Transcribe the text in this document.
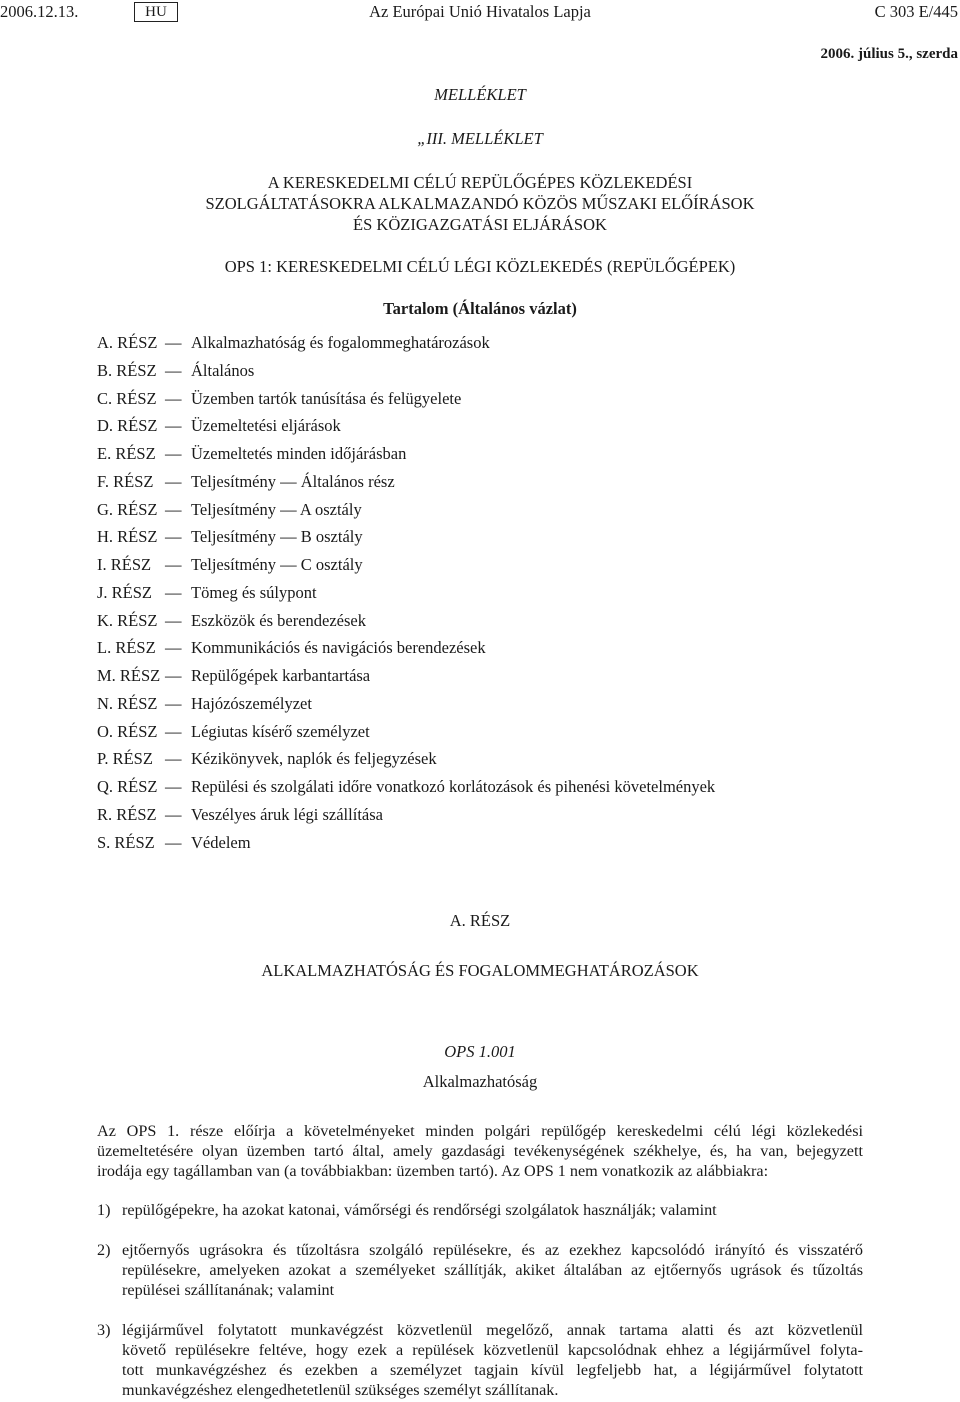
2006.12.13.	HU	Az Európai Unió Hivatalos Lapja	C 303 E/445
2006. július 5., szerda
MELLÉKLET
„III. MELLÉKLET
A KERESKEDELMI CÉLÚ REPÜLŐGÉPES KÖZLEKEDÉSI
SZOLGÁLTATÁSOKRA ALKALMAZANDÓ KÖZÖS MŰSZAKI ELŐÍRÁSOK
ÉS KÖZIGAZGATÁSI ELJÁRÁSOK
OPS 1: KERESKEDELMI CÉLÚ LÉGI KÖZLEKEDÉS (REPÜLŐGÉPEK)
Tartalom (Általános vázlat)
A. RÉSZ — Alkalmazhatóság és fogalommeghatározások
B. RÉSZ — Általános
C. RÉSZ — Üzemben tartók tanúsítása és felügyelete
D. RÉSZ — Üzemeltetési eljárások
E. RÉSZ — Üzemeltetés minden időjárásban
F. RÉSZ — Teljesítmény — Általános rész
G. RÉSZ — Teljesítmény — A osztály
H. RÉSZ — Teljesítmény — B osztály
I. RÉSZ — Teljesítmény — C osztály
J. RÉSZ — Tömeg és súlypont
K. RÉSZ — Eszközök és berendezések
L. RÉSZ — Kommunikációs és navigációs berendezések
M. RÉSZ — Repülőgépek karbantartása
N. RÉSZ — Hajózószemélyzet
O. RÉSZ — Légiutas kísérő személyzet
P. RÉSZ — Kézikönyvek, naplók és feljegyzések
Q. RÉSZ — Repülési és szolgálati időre vonatkozó korlátozások és pihenési követelmények
R. RÉSZ — Veszélyes áruk légi szállítása
S. RÉSZ — Védelem
A. RÉSZ
ALKALMAZHATÓSÁG ÉS FOGALOMMEGHATÁROZÁSOK
OPS 1.001
Alkalmazhatóság
Az OPS 1. része előírja a követelményeket minden polgári repülőgép kereskedelmi célú légi közlekedési
üzemeltetésére olyan üzemben tartó által, amely gazdasági tevékenységének székhelye, és, ha van, bejegyzett
irodája egy tagállamban van (a továbbiakban: üzemben tartó). Az OPS 1 nem vonatkozik az alábbiakra:
1) repülőgépekre, ha azokat katonai, vámőrségi és rendőrségi szolgálatok használják; valamint
2) ejtőernyős ugrásokra és tűzoltásra szolgáló repülésekre, és az ezekhez kapcsolódó irányító és visszatérő
repülésekre, amelyeken azokat a személyeket szállítják, akiket általában az ejtőernyős ugrások és tűzoltás
repülései szállítanának; valamint
3) légijárművel folytatott munkavégzést közvetlenül megelőző, annak tartama alatti és azt közvetlenül
követő repülésekre feltéve, hogy ezek a repülések közvetlenül kapcsolódnak ehhez a légijárművel folyta-
tott munkavégzéshez és ezekben a személyzet tagjain kívül legfeljebb hat, a légijárművel folytatott
munkavégzéshez elengedhetetlenül szükséges személyt szállítanak.
